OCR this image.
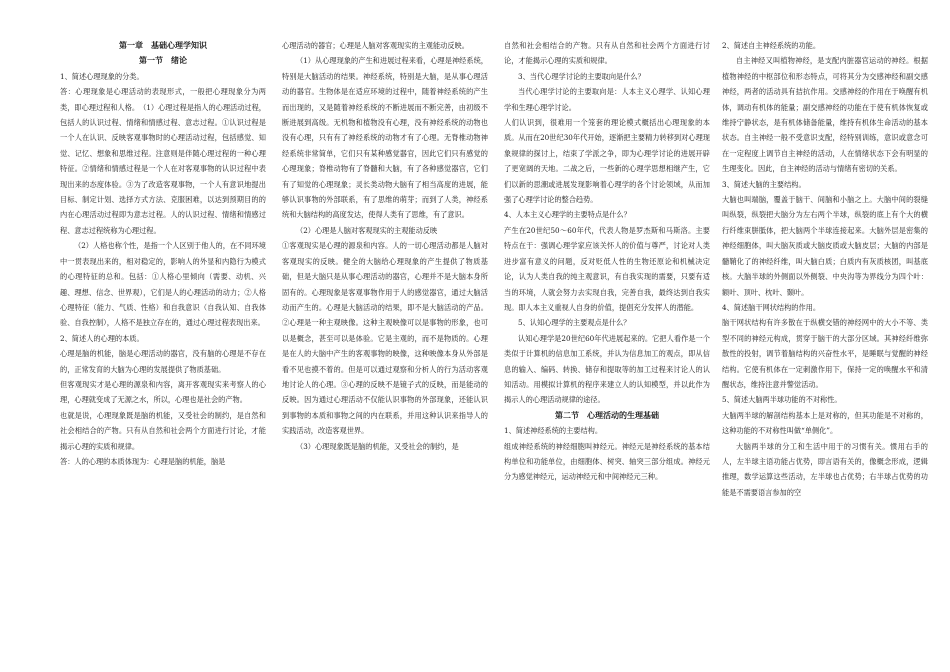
第一章　基础心理学知识

第一节　绪论

1、简述心理现象的分类。

答：心理现象是心理活动的表现形式，一般把心理现象分为两类，即心理过程和人格。　（1）心理过程是指人的心理活动过程，包括人的认识过程、情绪和情感过程、意志过程。①认识过程是一个人在认识、反映客观事物时的心理活动过程，包括感觉、知觉、记忆、想象和思维过程。注意则是伴随心理过程的一种心理特征。②情绪和情感过程是一个人在对客观事物的认识过程中表现出来的态度体验。③为了改造客观事物，一个人有意识地提出目标、制定计划、选择方式方法、克服困难，以达到预期目的的内在心理活动过程即为意志过程。人的认识过程、情绪和情感过程、意志过程统称为心理过程。

（2）人格也称个性，是指一个人区别于他人的，在不同环境中一贯表现出来的，相对稳定的，影响人的外显和内隐行为模式的心理特征的总和。包括：①人格心里倾向（需要、动机、兴趣、理想、信念、世界观），它们是人的心理活动的动力；②人格心理特征（能力、气质、性格）和自我意识（自我认知、自我体验、自我控制），人格不是独立存在的，通过心理过程表现出来。

2、简述人的心理的本质。

心理是脑的机能，脑是心理活动的器官，没有脑的心理是不存在的，正常发育的大脑为心理的发展提供了物质基础。

但客观现实才是心理的源泉和内容，离开客观现实来考察人的心理，心理就变成了无源之水，所以，心理也是社会的产物。

也就是说，心理现象既是脑的机能，又受社会的制约，是自然和社会相结合的产物。只有从自然和社会两个方面进行讨论，才能揭示心理的实质和规律。

答：人的心理的本质体现为：心理是脑的机能，脑是

心理活动的器官；心理是人脑对客观现实的主观能动反映。

（1）从心理现象的产生和进展过程来看，心理是神经系统，特别是大脑活动的结果。神经系统，特别是大脑，是从事心理活动的器官。生物体是在适应环境的过程中，随着神经系统的产生而出现的，又是随着神经系统的不断进展而不断完善，由初级不断进展到高级。无机物和植物没有心理，没有神经系统的动物也没有心理，只有有了神经系统的动物才有了心理。无脊椎动物神经系统非常简单，它们只有某种感觉器官，因此它们只有感觉的心理现象；脊椎动物有了脊髓和大脑，有了各种感觉器官，它们有了知觉的心理现象；灵长类动物大脑有了相当高度的进展，能够认识事物的外部联系，有了思维的萌芽；而到了人类，神经系统和大脑结构的高度发达，使得人类有了思维，有了意识。

（2）心理是人脑对客观现实的主观能动反映

①客观现实是心理的源泉和内容。人的一切心理活动都是人脑对客观现实的反映。健全的大脑给心理现象的产生提供了物质基础，但是大脑只是从事心理活动的器官，心理并不是大脑本身所固有的。心理现象是客观事物作用于人的感觉器官，通过大脑活动而产生的。心理是大脑活动的结果，即不是大脑活动的产品。②心理是一种主观映像。这种主观映像可以是事物的形象，也可以是概念，甚至可以是体验。它是主观的，而不是物质的。心理是在人的大脑中产生的客观事物的映像，这种映像本身从外部是看不见也摸不着的。但是可以通过观察和分析人的行为活动客观地讨论人的心理。③心理的反映不是镜子式的反映，而是能动的反映。因为通过心理活动不仅能认识事物的外部现象，还能认识到事物的本质和事物之间的内在联系，并用这种认识来指导人的实践活动，改造客观世界。

（3）心理现象既是脑的机能，又受社会的制约，是

自然和社会相结合的产物。只有从自然和社会两个方面进行讨论，才能揭示心理的实质和规律。

3、当代心理学讨论的主要取向是什么？

当代心理学讨论的主要取向是：人本主义心理学、认知心理学和生理心理学讨论。

人们认识到，很难用一个笼套的理论模式概括出心理现象的本质。从而在20世纪30年代开始，逐渐把主要精力转移到对心理现象规律的探讨上，结束了学派之争，即为心理学讨论的进展开辟了更宽阔的天地。二战之后，一些新的心理学思想相继产生，它们以新的思潮或进展发现影响着心理学的各个讨论领域，从而加强了心理学讨论的整合趋势。

4、人本主义心理学的主要特点是什么？

产生在20世纪50～60年代，代表人物是罗杰斯和马斯洛。主要特点在于：强调心理学家应该关怀人的价值与尊严，讨论对人类进步富有意义的问题，反对贬低人性的生物还原论和机械决定论，认为人类自我的纯主观意识，有自我实现的需要，只要有适当的环境，人就会努力去实现自我，完善自我，最终达到自我实现。即人本主义重视人自身的价值，提倡充分发挥人的潜能。

5、认知心理学的主要观点是什么？

认知心理学是20世纪60年代进展起来的。它把人看作是一个类似于计算机的信息加工系统，并认为信息加工的观点，即从信息的输入、编码、转换、储存和提取等的加工过程来讨论人的认知活动。用模拟计算机的程序来建立人的认知模型，并以此作为揭示人的心理活动规律的途径。

第二节　心理活动的生理基础

1、简述神经系统的主要结构。

组成神经系统的神经细胞叫神经元。神经元是神经系统的基本结构单位和功能单位，由细胞体、树突、轴突三部分组成。神经元分为感觉神经元，运动神经元和中间神经元三种。

2、简述自主神经系统的功能。

自主神经又叫植物神经，是支配内脏器官运动的神经。根据植物神经的中枢部位和形态特点，可将其分为交感神经和副交感神经，两者的活动具有拮抗作用。交感神经的作用在于唤醒有机体，调动有机体的能量；副交感神经的功能在于使有机体恢复或维持宁静状态，是有机体储备能量，维持有机体生命活动的基本状态。自主神经一般不受意识支配，经特别训练，意识或意念可在一定程度上调节自主神经的活动，人在情绪状态下会有明显的生理变化。因此，自主神经的活动与情绪有密切的关系。

3、简述大脑的主要结构。

大脑也叫端脑，覆盖于脑干、间脑和小脑之上。大脑中间的裂缝叫纵裂，纵裂把大脑分为左右两个半球，纵裂的底上有个大的横行纤维束胼胝体，把大脑两个半球连接起来。大脑外层是密集的神经细胞体，叫大脑灰质或大脑皮质或大脑皮层；大脑的内部是髓鞘化了的神经纤维，叫大脑白质；白质内有灰质核团，叫基底核。大脑半球的外侧面以外侧裂、中央沟等为界线分为四个叶：额叶、顶叶、枕叶、颞叶。

4、简述脑干网状结构的作用。

脑干网状结构有许多散在于纵横交错的神经网中的大小不等、类型不同的神经元构成，贯穿于脑干的大部分区域。其神经纤维弥散性的投射，调节着脑结构的兴奋性水平，是睡眠与觉醒的神经结构。它使有机体在一定刺激作用下，保持一定的唤醒水平和清醒状态，维持注意并警觉活动。

5、简述大脑两半球功能的不对称性。

大脑两半球的解剖结构基本上是对称的，但其功能是不对称的，这种功能的不对称性叫做“单侧化”。

大脑两半球的分工和生活中用于的习惯有关。惯用右手的人，左半球主语功能占优势，即言语有关的，像概念形成，逻辑推理，数学运算这些活动，左半球也占优势；右半球占优势的功能是不需要语言参加的空
